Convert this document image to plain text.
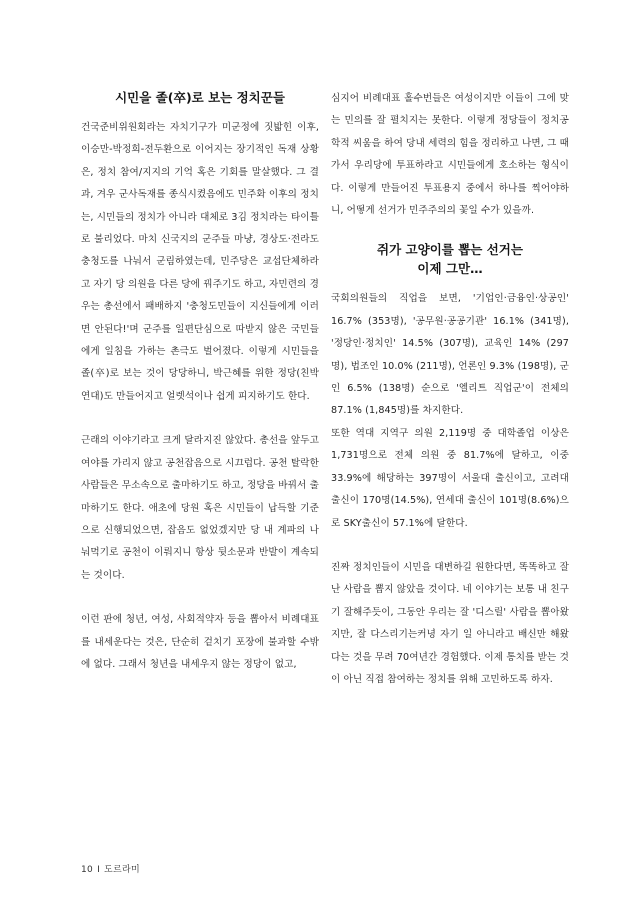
시민을 졸(卒)로 보는 정치꾼들

건국준비위원회라는 자치기구가 미군정에 짓밟힌 이후, 이승만-박정희-전두환으로 이어지는 장기적인 독재 상황은, 정치 참여/지지의 기억 혹은 기회를 말살했다. 그 결과, 겨우 군사독재를 종식시켰음에도 민주화 이후의 정치는, 시민들의 정치가 아니라 대체로 3김 정치라는 타이틀로 불리었다. 마치 신국지의 군주들 마냥, 경상도·전라도 충청도를 나눠서 군림하였는데, 민주당은 교섭단체하라고 자기 당 의원을 다른 당에 꿔주기도 하고, 자민련의 경우는 총선에서 패배하지 '충청도민들이 지신들에게 이러면 안된다!'며 군주를 일편단심으로 따받지 않은 국민들에게 일침을 가하는 촌극도 벌어졌다. 이렇게 시민들을 졸(卒)로 보는 것이 당당하니, 박근혜를 위한 정당(친박연대)도 만들어지고 얼렛석이나 쉽게 피지하기도 한다.

근래의 이야기라고 크게 달라지진 않았다. 총선을 앞두고 여야를 가리지 않고 공천잡음으로 시끄럽다. 공천 탈락한 사람들은 무소속으로 출마하기도 하고, 정당을 바꿔서 출마하기도 한다. 애초에 당원 혹은 시민들이 납득할 기준으로 신행되었으면, 잡음도 없었겠지만 당 내 계파의 나눠먹기로 공천이 이뤄지니 항상 뒷소문과 반발이 계속되는 것이다.

이런 판에 청년, 여성, 사회적약자 등을 뽑아서 비례대표를 내세운다는 것은, 단순히 겉치기 포장에 불과할 수밖에 없다. 그래서 청년을 내세우지 않는 정당이 없고,

심지어 비례대표 홀수번들은 여성이지만 이들이 그에 맞는 민의를 잘 펼치지는 못한다. 이렇게 정당들이 정치공학적 씨움을 하여 당내 세력의 힘을 정리하고 나면, 그 때 가서 우리당에 투표하라고 시민들에게 호소하는 형식이다. 이렇게 만들어진 투표용지 중에서 하나를 찍어야하니, 어떻게 선거가 민주주의의 꽃일 수가 있을까.

쥐가 고양이를 뽑는 선거는
이제 그만…

국회의원들의 직업을 보면, '기업인·금융인·상공인' 16.7% (353명), '공무원·공공기관' 16.1% (341명), '정당인·정치인' 14.5% (307명), 교육인 14% (297명), 법조인 10.0% (211명), 언론인 9.3% (198명), 군인 6.5% (138명) 순으로 '엘리트 직업군'이 전체의 87.1% (1,845명)를 차지한다.

또한 역대 지역구 의원 2,119명 중 대학졸업 이상은 1,731명으로 전체 의원 중 81.7%에 달하고, 이중 33.9%에 해당하는 397명이 서울대 출신이고, 고려대 출신이 170명(14.5%), 연세대 출신이 101명(8.6%)으로 SKY출신이 57.1%에 달한다.

진짜 정치인들이 시민을 대변하길 원한다면, 똑똑하고 잘난 사람을 뽑지 않았을 것이다. 네 이야기는 보통 내 친구기 잘해주듯이, 그동안 우리는 잘 '디스릴' 사람을 뽑아왔지만, 잘 다스리기는커녕 자기 일 아니라고 배신만 해왔다는 것을 무려 70여년간 경험했다. 이제 통치를 받는 것이 아닌 직접 참여하는 정치를 위해 고민하도록 하자.

10 I 도르라미
